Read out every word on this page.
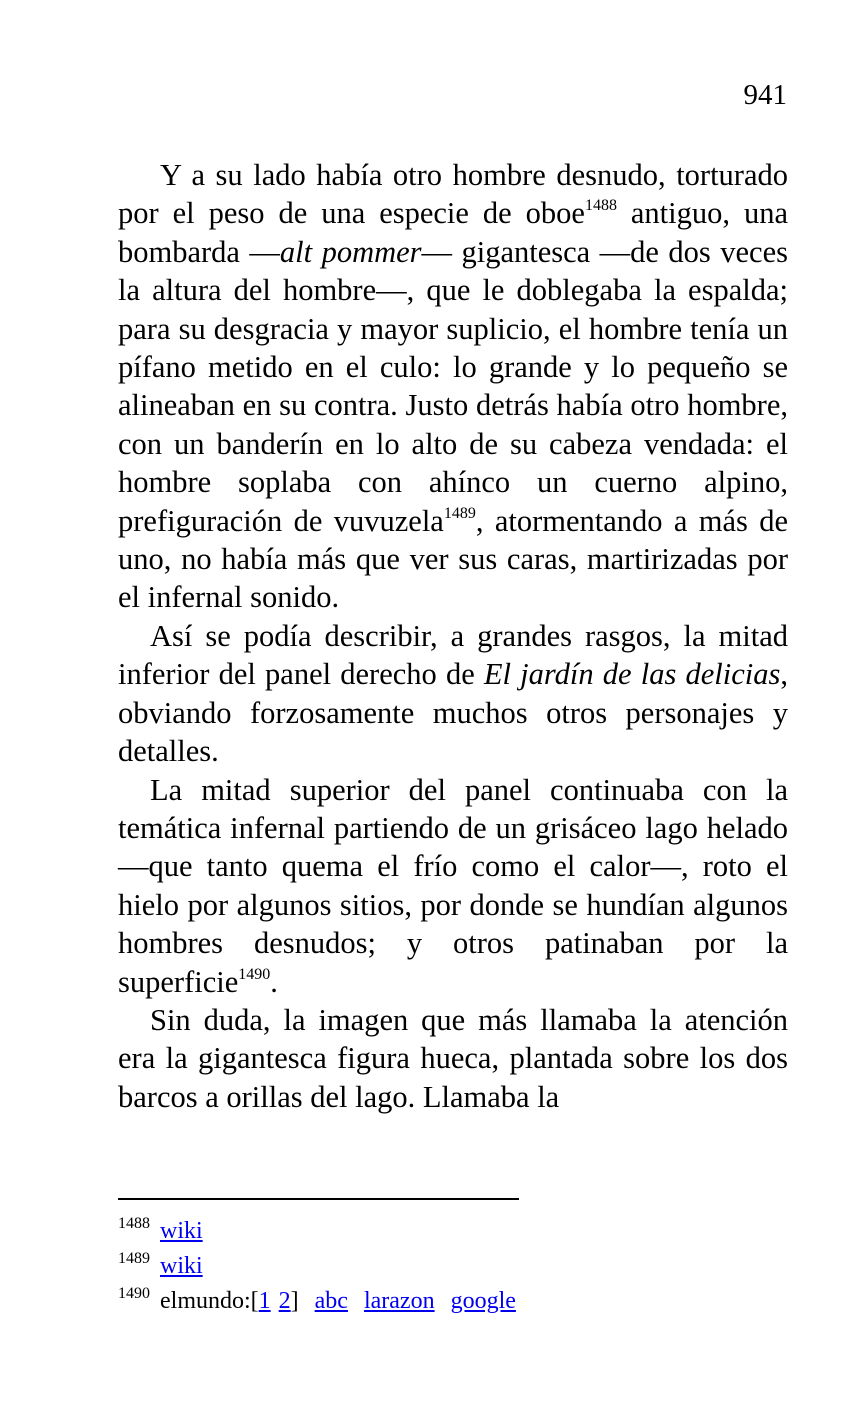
941

Y a su lado había otro hombre desnudo, torturado por el peso de una especie de oboe$^{1488}$ antiguo, una bombarda —alt pommer— gigantesca —de dos veces la altura del hombre—, que le doblegaba la espalda; para su desgracia y mayor suplicio, el hombre tenía un pífano metido en el culo: lo grande y lo pequeño se alineaban en su contra. Justo detrás había otro hombre, con un banderín en lo alto de su cabeza vendada: el hombre soplaba con ahínco un cuerno alpino, prefiguración de vuvuzela$^{1489}$, atormentando a más de uno, no había más que ver sus caras, martirizadas por el infernal sonido.

Así se podía describir, a grandes rasgos, la mitad inferior del panel derecho de El jardín de las delicias, obviando forzosamente muchos otros personajes y detalles.

La mitad superior del panel continuaba con la temática infernal partiendo de un grisáceo lago helado —que tanto quema el frío como el calor—, roto el hielo por algunos sitios, por donde se hundían algunos hombres desnudos; y otros patinaban por la superficie$^{1490}$.

Sin duda, la imagen que más llamaba la atención era la gigantesca figura hueca, plantada sobre los dos barcos a orillas del lago. Llamaba la

1488 wiki
1489 wiki
1490 elmundo:[ 1 2 ] abc larazon google
